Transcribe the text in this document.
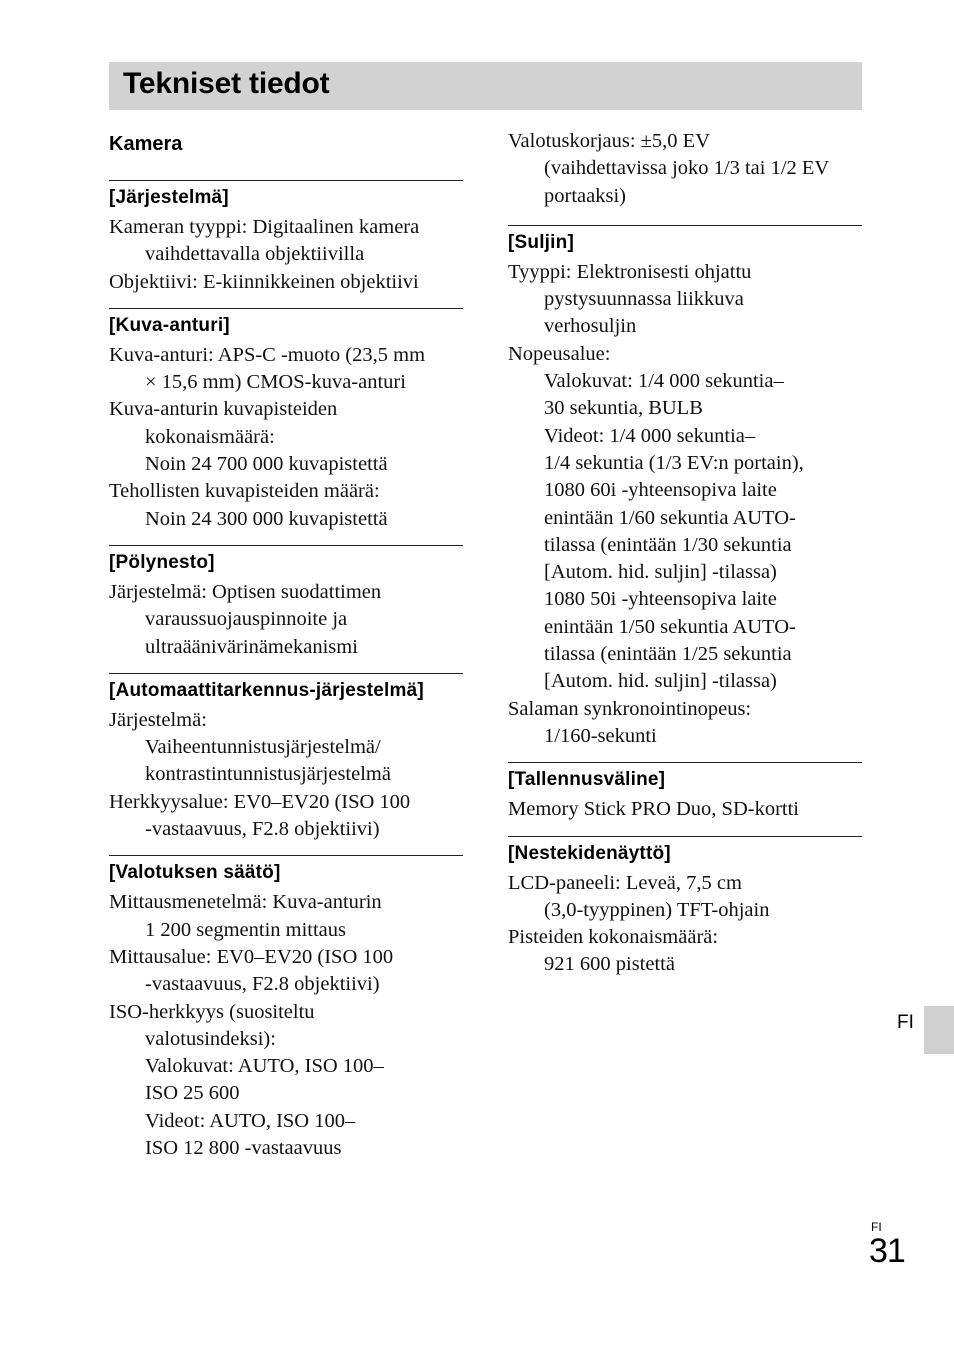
Tekniset tiedot
Kamera
[Järjestelmä]
Kameran tyyppi: Digitaalinen kamera
vaihdettavalla objektiivilla
Objektiivi: E-kiinnikkeinen objektiivi
[Kuva-anturi]
Kuva-anturi: APS-C -muoto (23,5 mm
× 15,6 mm) CMOS-kuva-anturi
Kuva-anturin kuvapisteiden
kokonaismäärä:
Noin 24 700 000 kuvapistettä
Tehollisten kuvapisteiden määrä:
Noin 24 300 000 kuvapistettä
[Pölynesto]
Järjestelmä: Optisen suodattimen
varaussuojauspinnoite ja
ultraäänivärinämekanismi
[Automaattitarkennus-järjestelmä]
Järjestelmä:
Vaiheentunnistusjärjestelmä/
kontrastintunnistusjärjestelmä
Herkkyysalue: EV0–EV20 (ISO 100
-vastaavuus, F2.8 objektiivi)
[Valotuksen säätö]
Mittausmenetelmä: Kuva-anturin
1 200 segmentin mittaus
Mittausalue: EV0–EV20 (ISO 100
-vastaavuus, F2.8 objektiivi)
ISO-herkkyys (suositeltu
valotusindeksi):
Valokuvat: AUTO, ISO 100–
ISO 25 600
Videot: AUTO, ISO 100–
ISO 12 800 -vastaavuus
Valotuskorjaus: ±5,0 EV
(vaihdettavissa joko 1/3 tai 1/2 EV
portaaksi)
[Suljin]
Tyyppi: Elektronisesti ohjattu
pystysuunnassa liikkuva
verhosuljin
Nopeusalue:
Valokuvat: 1/4 000 sekuntia–
30 sekuntia, BULB
Videot: 1/4 000 sekuntia–
1/4 sekuntia (1/3 EV:n portain),
1080 60i -yhteensopiva laite
enintään 1/60 sekuntia AUTO-
tilassa (enintään 1/30 sekuntia
[Autom. hid. suljin] -tilassa)
1080 50i -yhteensopiva laite
enintään 1/50 sekuntia AUTO-
tilassa (enintään 1/25 sekuntia
[Autom. hid. suljin] -tilassa)
Salaman synkronointinopeus:
1/160-sekunti
[Tallennusväline]
Memory Stick PRO Duo, SD-kortti
[Nestekidenäyttö]
LCD-paneeli: Leveä, 7,5 cm
(3,0-tyyppinen) TFT-ohjain
Pisteiden kokonaismäärä:
921 600 pistettä
FI
FI
31
